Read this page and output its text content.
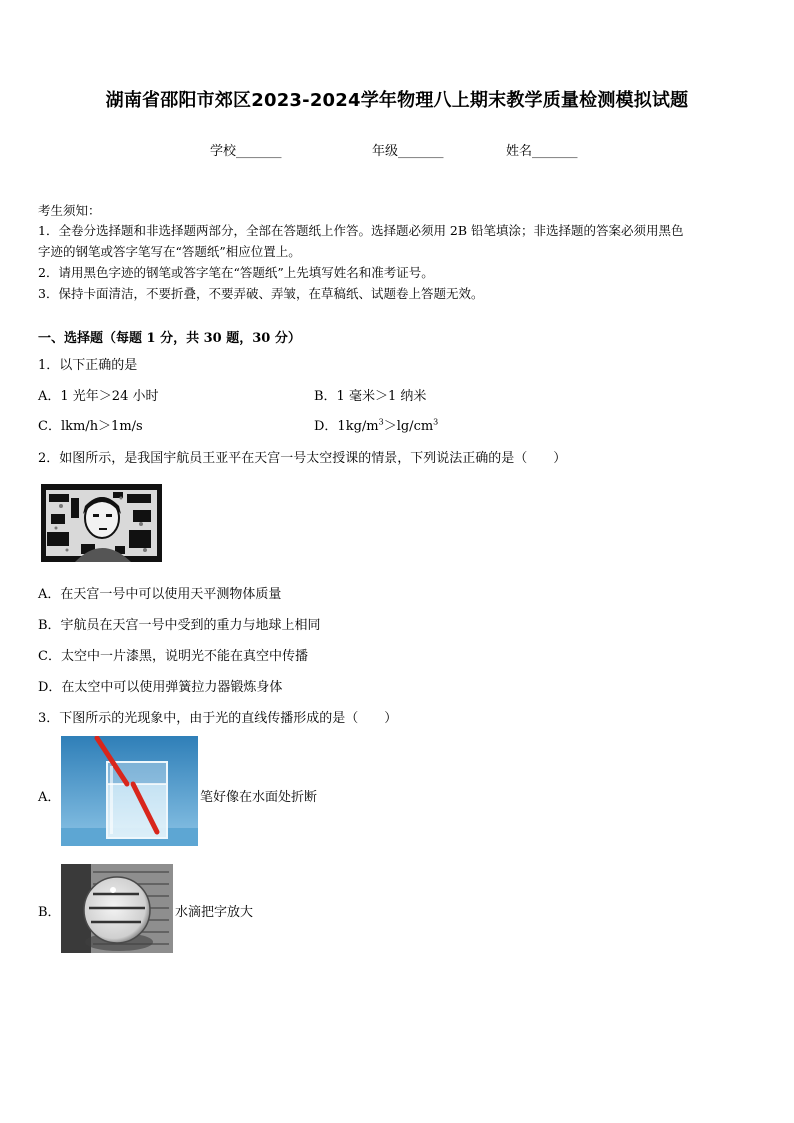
湖南省邵阳市郊区2023-2024学年物理八上期末教学质量检测模拟试题
学校_______	年级_______	姓名_______
考生须知：
1．全卷分选择题和非选择题两部分，全部在答题纸上作答。选择题必须用 2B 铅笔填涂；非选择题的答案必须用黑色
字迹的钢笔或答字笔写在“答题纸”相应位置上。
2．请用黑色字迹的钢笔或答字笔在“答题纸”上先填写姓名和准考证号。
3．保持卡面清洁，不要折叠，不要弄破、弄皱，在草稿纸、试题卷上答题无效。
一、选择题（每题 1 分，共 30 题，30 分）
1．以下正确的是
A．1 光年＞24 小时	B．1 毫米＞1 纳米
C．lkm/h＞1m/s	D．$1kg/m^3>\lg/cm^3$
2．如图所示，是我国宇航员王亚平在天宫一号太空授课的情景，下列说法正确的是（　　）
A．在天宫一号中可以使用天平测物体质量
B．宇航员在天宫一号中受到的重力与地球上相同
C．太空中一片漆黑，说明光不能在真空中传播
D．在太空中可以使用弹簧拉力器锻炼身体
3．下图所示的光现象中，由于光的直线传播形成的是（　　）
A．	笔好像在水面处折断
B．	水滴把字放大
